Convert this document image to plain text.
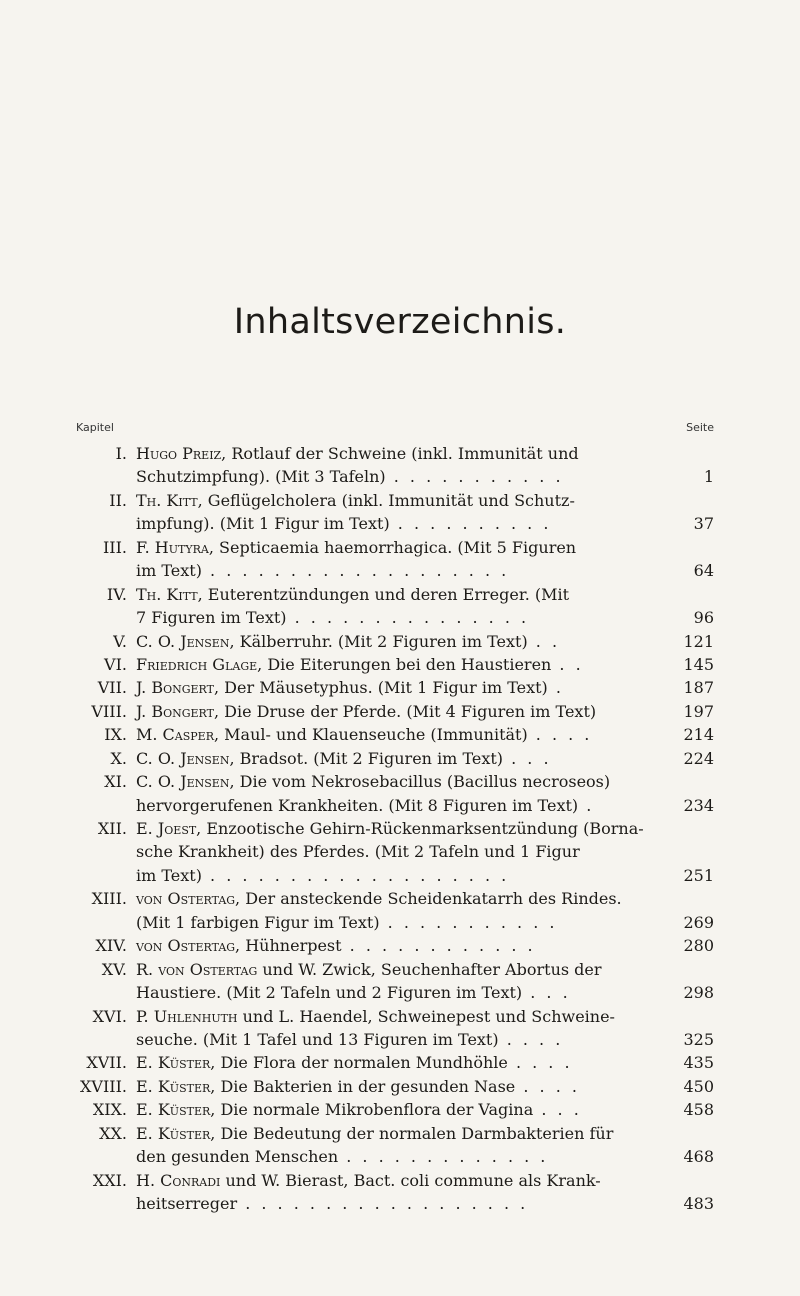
Inhaltsverzeichnis.
Kapitel	Seite
I. Hugo Preiz, Rotlauf der Schweine (inkl. Immunität und
Schutzimpfung). (Mit 3 Tafeln) . . . . . . . . . . .	1
II. Th. Kitt, Geflügelcholera (inkl. Immunität und Schutz-
impfung). (Mit 1 Figur im Text) . . . . . . . . . .	37
III. F. Hutyra, Septicaemia haemorrhagica. (Mit 5 Figuren
im Text) . . . . . . . . . . . . . . . . . . .	64
IV. Th. Kitt, Euterentzündungen und deren Erreger. (Mit
7 Figuren im Text) . . . . . . . . . . . . . . .	96
V. C. O. Jensen, Kälberruhr. (Mit 2 Figuren im Text) . .	121
VI. Friedrich Glage, Die Eiterungen bei den Haustieren . .	145
VII. J. Bongert, Der Mäusetyphus. (Mit 1 Figur im Text) .	187
VIII. J. Bongert, Die Druse der Pferde. (Mit 4 Figuren im Text)	197
IX. M. Casper, Maul- und Klauenseuche (Immunität) . . . .	214
X. C. O. Jensen, Bradsot. (Mit 2 Figuren im Text) . . .	224
XI. C. O. Jensen, Die vom Nekrosebacillus (Bacillus necroseos)
hervorgerufenen Krankheiten. (Mit 8 Figuren im Text) .	234
XII. E. Joest, Enzootische Gehirn-Rückenmarksentzündung (Borna-
sche Krankheit) des Pferdes. (Mit 2 Tafeln und 1 Figur
im Text) . . . . . . . . . . . . . . . . . . .	251
XIII. von Ostertag, Der ansteckende Scheidenkatarrh des Rindes.
(Mit 1 farbigen Figur im Text) . . . . . . . . . . .	269
XIV. von Ostertag, Hühnerpest . . . . . . . . . . . .	280
XV. R. von Ostertag und W. Zwick, Seuchenhafter Abortus der
Haustiere. (Mit 2 Tafeln und 2 Figuren im Text) . . .	298
XVI. P. Uhlenhuth und L. Haendel, Schweinepest und Schweine-
seuche. (Mit 1 Tafel und 13 Figuren im Text) . . . .	325
XVII. E. Küster, Die Flora der normalen Mundhöhle . . . .	435
XVIII. E. Küster, Die Bakterien in der gesunden Nase . . . .	450
XIX. E. Küster, Die normale Mikrobenflora der Vagina . . .	458
XX. E. Küster, Die Bedeutung der normalen Darmbakterien für
den gesunden Menschen . . . . . . . . . . . . .	468
XXI. H. Conradi und W. Bierast, Bact. coli commune als Krank-
heitserreger . . . . . . . . . . . . . . . . . .	483
